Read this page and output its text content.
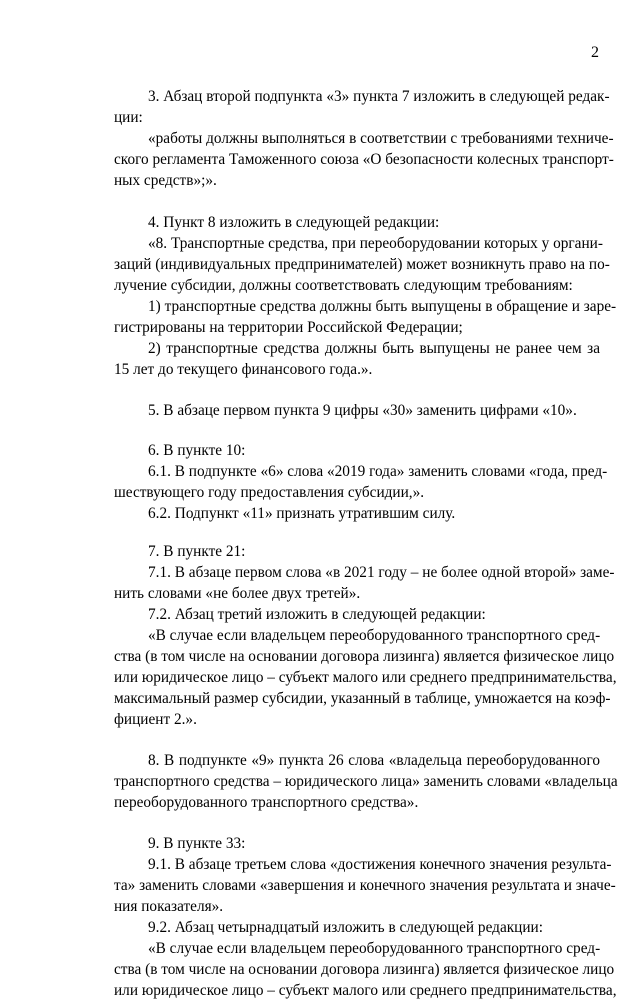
2
3. Абзац второй подпункта «3» пункта 7 изложить в следующей редак-
ции:
«работы должны выполняться в соответствии с требованиями техниче-
ского регламента Таможенного союза «О безопасности колесных транспорт-
ных средств»;».
4. Пункт 8 изложить в следующей редакции:
«8. Транспортные средства, при переоборудовании которых у органи-
заций (индивидуальных предпринимателей) может возникнуть право на по-
лучение субсидии, должны соответствовать следующим требованиям:
1) транспортные средства должны быть выпущены в обращение и заре-
гистрированы на территории Российской Федерации;
2) транспортные средства должны быть выпущены не ранее чем за
15 лет до текущего финансового года.».
5. В абзаце первом пункта 9 цифры «30» заменить цифрами «10».
6. В пункте 10:
6.1. В подпункте «6» слова «2019 года» заменить словами «года, пред-
шествующего году предоставления субсидии,».
6.2. Подпункт «11» признать утратившим силу.
7. В пункте 21:
7.1. В абзаце первом слова «в 2021 году – не более одной второй» заме-
нить словами «не более двух третей».
7.2. Абзац третий изложить в следующей редакции:
«В случае если владельцем переоборудованного транспортного сред-
ства (в том числе на основании договора лизинга) является физическое лицо
или юридическое лицо – субъект малого или среднего предпринимательства,
максимальный размер субсидии, указанный в таблице, умножается на коэф-
фициент 2.».
8. В подпункте «9» пункта 26 слова «владельца переоборудованного
транспортного средства – юридического лица» заменить словами «владельца
переоборудованного транспортного средства».
9. В пункте 33:
9.1. В абзаце третьем слова «достижения конечного значения результа-
та» заменить словами «завершения и конечного значения результата и значе-
ния показателя».
9.2. Абзац четырнадцатый изложить в следующей редакции:
«В случае если владельцем переоборудованного транспортного сред-
ства (в том числе на основании договора лизинга) является физическое лицо
или юридическое лицо – субъект малого или среднего предпринимательства,
